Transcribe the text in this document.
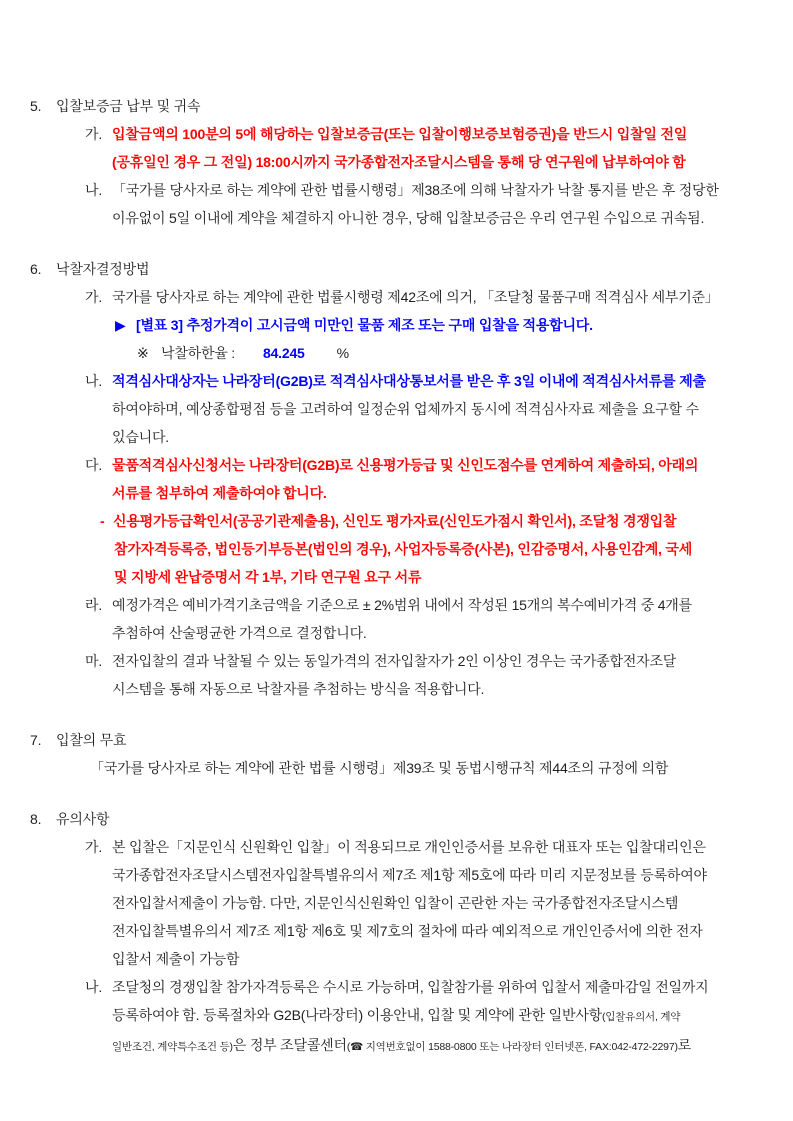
5. 입찰보증금 납부 및 귀속
가. 입찰금액의 100분의 5에 해당하는 입찰보증금(또는 입찰이행보증보험증권)을 반드시 입찰일 전일
(공휴일인 경우 그 전일) 18:00시까지 국가종합전자조달시스템을 통해 당 연구원에 납부하여야 함
나. 「국가를 당사자로 하는 계약에 관한 법률시행령」제38조에 의해 낙찰자가 낙찰 통지를 받은 후 정당한
이유없이 5일 이내에 계약을 체결하지 아니한 경우, 당해 입찰보증금은 우리 연구원 수입으로 귀속됨.
6. 낙찰자결정방법
가. 국가를 당사자로 하는 계약에 관한 법률시행령 제42조에 의거, 「조달청 물품구매 적격심사 세부기준」
▶ [별표 3] 추정가격이 고시금액 미만인 물품 제조 또는 구매 입찰을 적용합니다.
※ 낙찰하한율 : 84.245 %
나. 적격심사대상자는 나라장터(G2B)로 적격심사대상통보서를 받은 후 3일 이내에 적격심사서류를 제출
하여야하며, 예상종합평점 등을 고려하여 일정순위 업체까지 동시에 적격심사자료 제출을 요구할 수
있습니다.
다. 물품적격심사신청서는 나라장터(G2B)로 신용평가등급 및 신인도점수를 연계하여 제출하되, 아래의
서류를 첨부하여 제출하여야 합니다.
- 신용평가등급확인서(공공기관제출용), 신인도 평가자료(신인도가점시 확인서), 조달청 경쟁입찰
참가자격등록증, 법인등기부등본(법인의 경우), 사업자등록증(사본), 인감증명서, 사용인감계, 국세
및 지방세 완납증명서 각 1부, 기타 연구원 요구 서류
라. 예정가격은 예비가격기초금액을 기준으로 ± 2%범위 내에서 작성된 15개의 복수예비가격 중 4개를
추첨하여 산술평균한 가격으로 결정합니다.
마. 전자입찰의 결과 낙찰될 수 있는 동일가격의 전자입찰자가 2인 이상인 경우는 국가종합전자조달
시스템을 통해 자동으로 낙찰자를 추첨하는 방식을 적용합니다.
7. 입찰의 무효
「국가를 당사자로 하는 계약에 관한 법률 시행령」제39조 및 동법시행규칙 제44조의 규정에 의함
8. 유의사항
가. 본 입찰은「지문인식 신원확인 입찰」이 적용되므로 개인인증서를 보유한 대표자 또는 입찰대리인은
국가종합전자조달시스템전자입찰특별유의서 제7조 제1항 제5호에 따라 미리 지문정보를 등록하여야
전자입찰서제출이 가능함. 다만, 지문인식신원확인 입찰이 곤란한 자는 국가종합전자조달시스템
전자입찰특별유의서 제7조 제1항 제6호 및 제7호의 절차에 따라 예외적으로 개인인증서에 의한 전자
입찰서 제출이 가능함
나. 조달청의 경쟁입찰 참가자격등록은 수시로 가능하며, 입찰참가를 위하여 입찰서 제출마감일 전일까지
등록하여야 함. 등록절차와 G2B(나라장터) 이용안내, 입찰 및 계약에 관한 일반사항(입찰유의서, 계약
일반조건, 계약특수조건 등)은 정부 조달콜센터(☎ 지역번호없이 1588-0800 또는 나라장터 인터넷폰, FAX:042-472-2297)로
